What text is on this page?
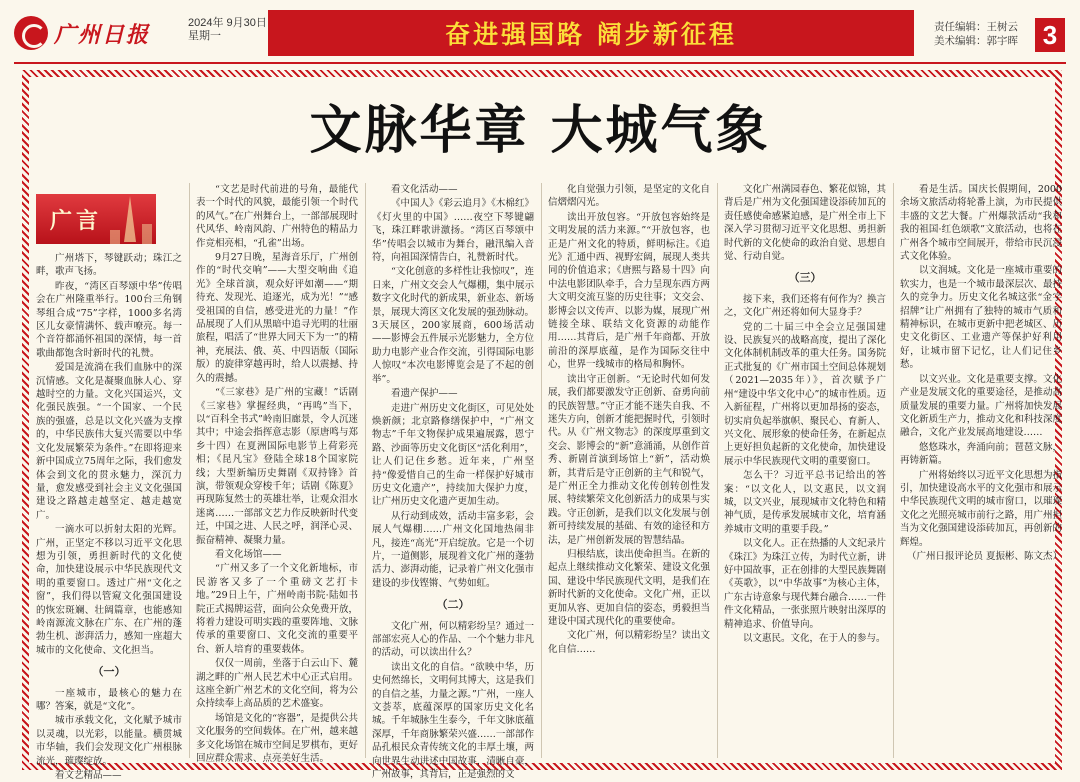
广州日报	2024年 9月30日
星期一	奋进强国路 阔步新征程	责任编辑：王树云
美术编辑：郭宇晖 3
文脉华章 大城气象
广言

广州塔下，琴键跃动；珠江之畔，歌声飞扬。

昨夜，“湾区百琴颂中华”传唱会在广州隆重举行。100台三角钢琴组合成“75”字样，1000多名湾区儿女豪情满怀、载声嘹亮。每一个音符都涌怀祖国的深情，每一首歌曲都饱含时新时代的礼赞。

爱国是流淌在我们血脉中的深沉情感。文化是凝聚血脉人心、穿越时空的力量。文化兴国运兴，文化强民族强。“一个国家、一个民族的强盛，总是以文化兴盛为支撑的，中华民族伟大复兴需要以中华文化发展繁荣为条件。”在即将迎来新中国成立75周年之际，我们愈发体会到文化的贯永魅力，深沉力量，愈发感受到社会主义文化强国建设之路越走越坚定、越走越宽广。

一滴水可以折射太阳的光辉。广州，正坚定不移以习近平文化思想为引领，勇担新时代的文化使命，加快建设展示中华民族现代文明的重要窗口。透过广州“文化之窗”，我们得以管窥文化强国建设的恢宏斑斓、壮阔篇章，也能感知岭南源流文脉在广东、在广州的蓬勃生机、澎湃活力，感知一座超大城市的文化使命、文化担当。

（一）

一座城市，最核心的魅力在哪？答案，就是“文化”。

城市承载文化，文化赋予城市以灵魂，以光彩，以能量。横贯城市华轴，我们会发现文化广州根脉流光，璀璨绽放。

看文艺精品——

“文艺是时代前进的号角，最能代表一个时代的风貌，最能引领一个时代的风气。”在广州舞台上，一部部展现时代风华、岭南风韵、广州特色的精品力作竞相亮相，“孔雀”出场。

9月27日晚，星海音乐厅，广州创作的“时代交响”——大型交响曲《追光》全球首演，观众好评如潮——“期待充、发现光、追逐光，成为光！”“感受祖国的自信，感受进光的力量！”作品展现了人们从黑暗中追寻光明的壮丽旅程，唱活了“世界大同天下为一”的精神，充展法、俄、英、中四语版（国际版）的旋律穿越再时，给人以震撼、持久的震撼。

“《三家巷》是广州的宝藏！”话剧《三家巷》掌握经典，“再鸣”当下，以“百科全书式”岭南旧廊景，令人沉迷其中；中途会指挥意志影（原唐鸣与郑乡十四）在夏洲国际电影节上荷彩亮相；《昆凡宝》登陆全球18个国家院线；大型新编历史舞剧《双持锋》首演，带领观众穿梭千年；话剧《陈夏》再现陈复然士的英雄壮举，让观众泪水迷离……一部部文艺力作反映新时代变迁，中国之进、人民之呼，润泽心灵、振奋精神、凝聚力量。

看文化场馆——

“广州又多了一个文化新地标，市民游客又多了一个重磅文艺打卡地。”29日上午，广州岭南书院·陆如书院正式揭牌运营，面向公众免费开放，将着力建设可明实践的重要阵地、文脉传承的重要窗口、文化交流的重要平台、新人培育的重要载体。

仅仅一周前，坐落于白云山下、麓湖之畔的广州人民艺术中心正式启用。这座全新广州艺术的文化空间，将为公众持续奉上高品质的艺术盛宴。

场馆是文化的“容器”，是提供公共文化服务的空间载体。在广州，越来越多文化场馆在城市空间足罗棋布，更好回应群众需求、点亮美好生活。

看文化活动——

《中国人》《彩云追月》《木棉红》《灯火里的中国》……夜空下琴键翩飞，珠江畔歌讲激扬。“湾区百琴颂中华”传唱会以城市为舞台，融汛编入音符，向祖国深情告白，礼赞新时代。

“文化创意的多样性让我惊叹”，连日来，广州文交会人气爆棚，集中展示数字文化时代的新成果，新业态、新场景，展现大湾区文化发展的强劲脉动。3天展区，200家展商，600场活动——影博会五件展示光影魅力，全方位助力电影产业合作交流，引得国际电影人惊叹“本次电影博览会是了不起的创举”。

看遗产保护——

走进广州历史文化街区，可见处处焕新颜；北京路修缮保护中，“广州文物志”千年文物保护成果遍展露，恩宁路、沙面等历史文化街区“活化利用”，让人们记住乡愁。近年来，广州坚持“像爱惜自己的生命一样保护好城市历史文化遗产”，持续加大保护力度，让广州历史文化遗产更加生动。

从行动到成效，活动丰富多彩，会展人气爆棚……广州文化国地热闹非凡，接连“高光”开启绽放。它是一个切片，一道侧影，展现着文化广州的蓬勃活力、澎湃动能，记录着广州文化强市建设的步伐铿锵、气势如虹。

（二）

文化广州，何以精彩纷呈？通过一部部宏亮人心的作品、一个个魅力非凡的活动，可以读出什么？

读出文化的自信。“欲映中华，历史何然绵长，文明何其博大，这是我们的自信之基，力量之源。”广州，一座人文荟萃，底蕴深厚的国家历史文化名城。千年城脉生生泰今，千年文脉底蕴深厚，千年商脉繁荣兴盛……一部部作品孔根民众青传统文化的丰厚土壤，两向世界生动讲述中国故事，清晰自豪，广州故事，其背后，正是强烈的文

化自觉强力引领，是坚定的文化自信熠熠闪光。

读出开放包容。“开放包容始终是文明发展的活力来源。”“开放包容，也正是广州文化的特质，鲜明标注。《追光》汇通中西、视野宏阔，展现人类共同的价值追求；《唐熙与路易十四》向中法电影团队牵手，合力呈现东西方两大文明交流互鉴的历史往事；文交会、影博会以文传声、以影为媒，展现广州链接全球、联结文化资源的动能作用……其背后，是广州千年商都、开放前沿的深厚底蕴，是作为国际交往中心，世界一线城市的格局和胸怀。

读出守正创新。“无论时代如何发展，我们都要激发守正创新、奋勇向前的民族智慧。”守正才能不迷失自我、不迷失方向，创新才能把握时代，引领时代。从《广州文物志》的深度厚重到文交会、影博会的“新”意涌涌，从创作首秀、新剧首演到场馆上“新”，活动焕新，其背后是守正创新的主气和锐气，是广州正全力推动文化传创转创性发展、特续繁荣文化创新活力的成果与实践。守正创新，是我们以文化发展与创新可持续发展的基础、有效的途径和方法，是广州创新发展的智慧结晶。

归根结底，读出使命担当。在新的起点上继续推动文化繁荣、建设文化强国、建设中华民族现代文明，是我们在新时代新的文化使命。文化广州，正以更加从容、更加自信的姿态，勇毅担当建设中国式现代化的重要使命。

文化广州，何以精彩纷呈？读出文化自信……

文化广州满园春色、繁花似锦，其背后是广州为文化强国建设添砖加瓦的责任感使命感紧迫感，是广州全市上下深入学习贯彻习近平文化思想、勇担新时代新的文化使命的政治自觉、思想自觉、行动自觉。

（三）

接下来，我们还将有何作为？换言之，文化广州还将如何大显身手？

党的二十届三中全会立足强国建设、民族复兴的战略高度，提出了深化文化体制机制改革的重大任务。国务院正式批复的《广州市国土空间总体规划（2021—2035年）》，首次赋予广州“建设中华文化中心”的城市性质。迈入新征程，广州将以更加昂扬的姿态，切实肩负起举旗帜、聚民心、育新人、兴文化、展形象的使命任务，在新起点上更好担负起新的文化使命，加快建设展示中华民族现代文明的重要窗口。

怎么干？习近平总书记给出的答案：“以文化人，以文惠民，以文润城，以文兴业，展现城市文化特色和精神气质，是传承发展城市文化，培育涵养城市文明的重要手段。”

以文化人。正在热播的人文纪录片《珠江》为珠江立传，为时代立新，讲好中国故事，正在创排的大型民族舞剧《英歌》，以“中华故事”为核心主体，广东古诗意象与现代舞台融合……一件件文化精品，一张张照片映射出深厚的精神追求、价值导向。

以文惠民。文化，在于人的参与。

看是生活。国庆长假期间，2000余场文旅活动将轮番上演，为市民提供丰盛的文艺大餐。广州爆款活动“我和我的祖国·红色颂歌”文旅活动，也将在广州各个城市空间展开，带给市民沉浸式文化体验。

以文润城。文化是一座城市重要的软实力，也是一个城市最深层次、最持久的竞争力。历史文化名城这张“金字招牌”让广州拥有了独特的城市气质和精神标识，在城市更新中把老城区、历史文化街区、工业遗产等保护好利用好，让城市留下记忆，让人们记住乡愁。

以文兴业。文化是重要支撑。文化产业是发展文化的重要途径，是推动高质量发展的重要力量。广州将加快发展文化新质生产力，推动文化和科技深度融合，文化产业发展高地建设……

悠悠珠水，奔涌向前；琶琶文脉，再铸新篇。

广州将始终以习近平文化思想为指引，加快建设高水平的文化强市和展示中华民族现代文明的城市窗口，以璀璨文化之光照亮城市前行之路，用广州担当为文化强国建设添砖加瓦，再创新的辉煌。

（广州日报评论员 夏振彬、陈文杰）
